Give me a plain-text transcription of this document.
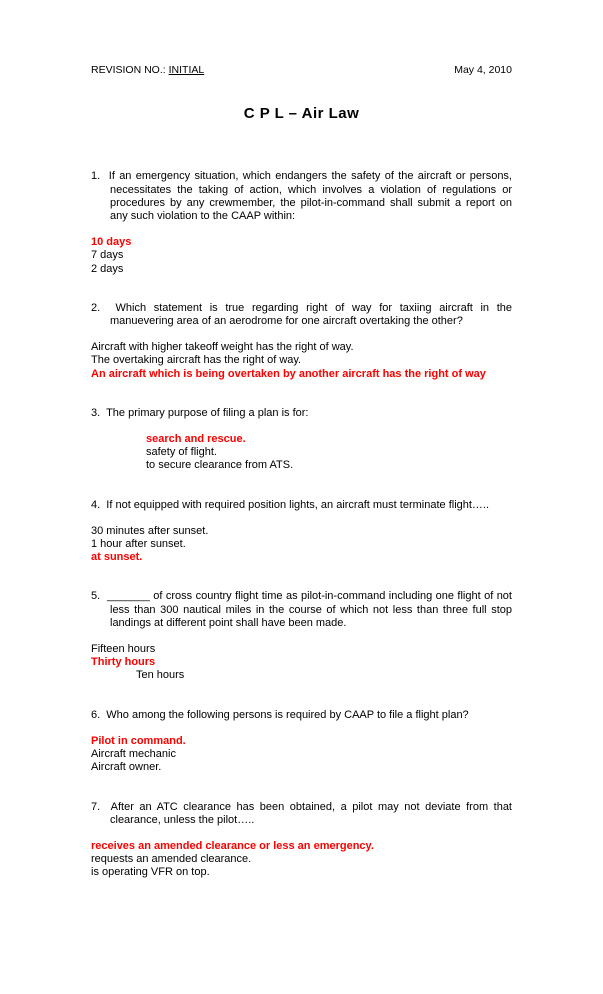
REVISION NO.: INITIAL	May 4, 2010
C P L – Air Law

1.  If an emergency situation, which endangers the safety of the aircraft or persons, necessitates the taking of action, which involves a violation of regulations or procedures by any crewmember, the pilot-in-command shall submit a report on any such violation to the CAAP within:

10 days
7 days
2 days

2.  Which statement is true regarding right of way for taxiing aircraft in the manuevering area of an aerodrome for one aircraft overtaking the other?

Aircraft with higher takeoff weight has the right of way.
The overtaking aircraft has the right of way.
An aircraft which is being overtaken by another aircraft has the right of way

3.  The primary purpose of filing a plan is for:

search and rescue.
safety of flight.
to secure clearance from ATS.

4.  If not equipped with required position lights, an aircraft must terminate flight…..

30 minutes after sunset.
1 hour after sunset.
at sunset.

5.  _______ of cross country flight time as pilot-in-command including one flight of not less than 300 nautical miles in the course of which not less than three full stop landings at different point shall have been made.

Fifteen hours
Thirty hours
Ten hours

6.  Who among the following persons is required by CAAP to file a flight plan?

Pilot in command.
Aircraft mechanic
Aircraft owner.

7.  After an ATC clearance has been obtained, a pilot may not deviate from that clearance, unless the pilot…..

receives an amended clearance or less an emergency.
requests an amended clearance.
is operating VFR on top.
